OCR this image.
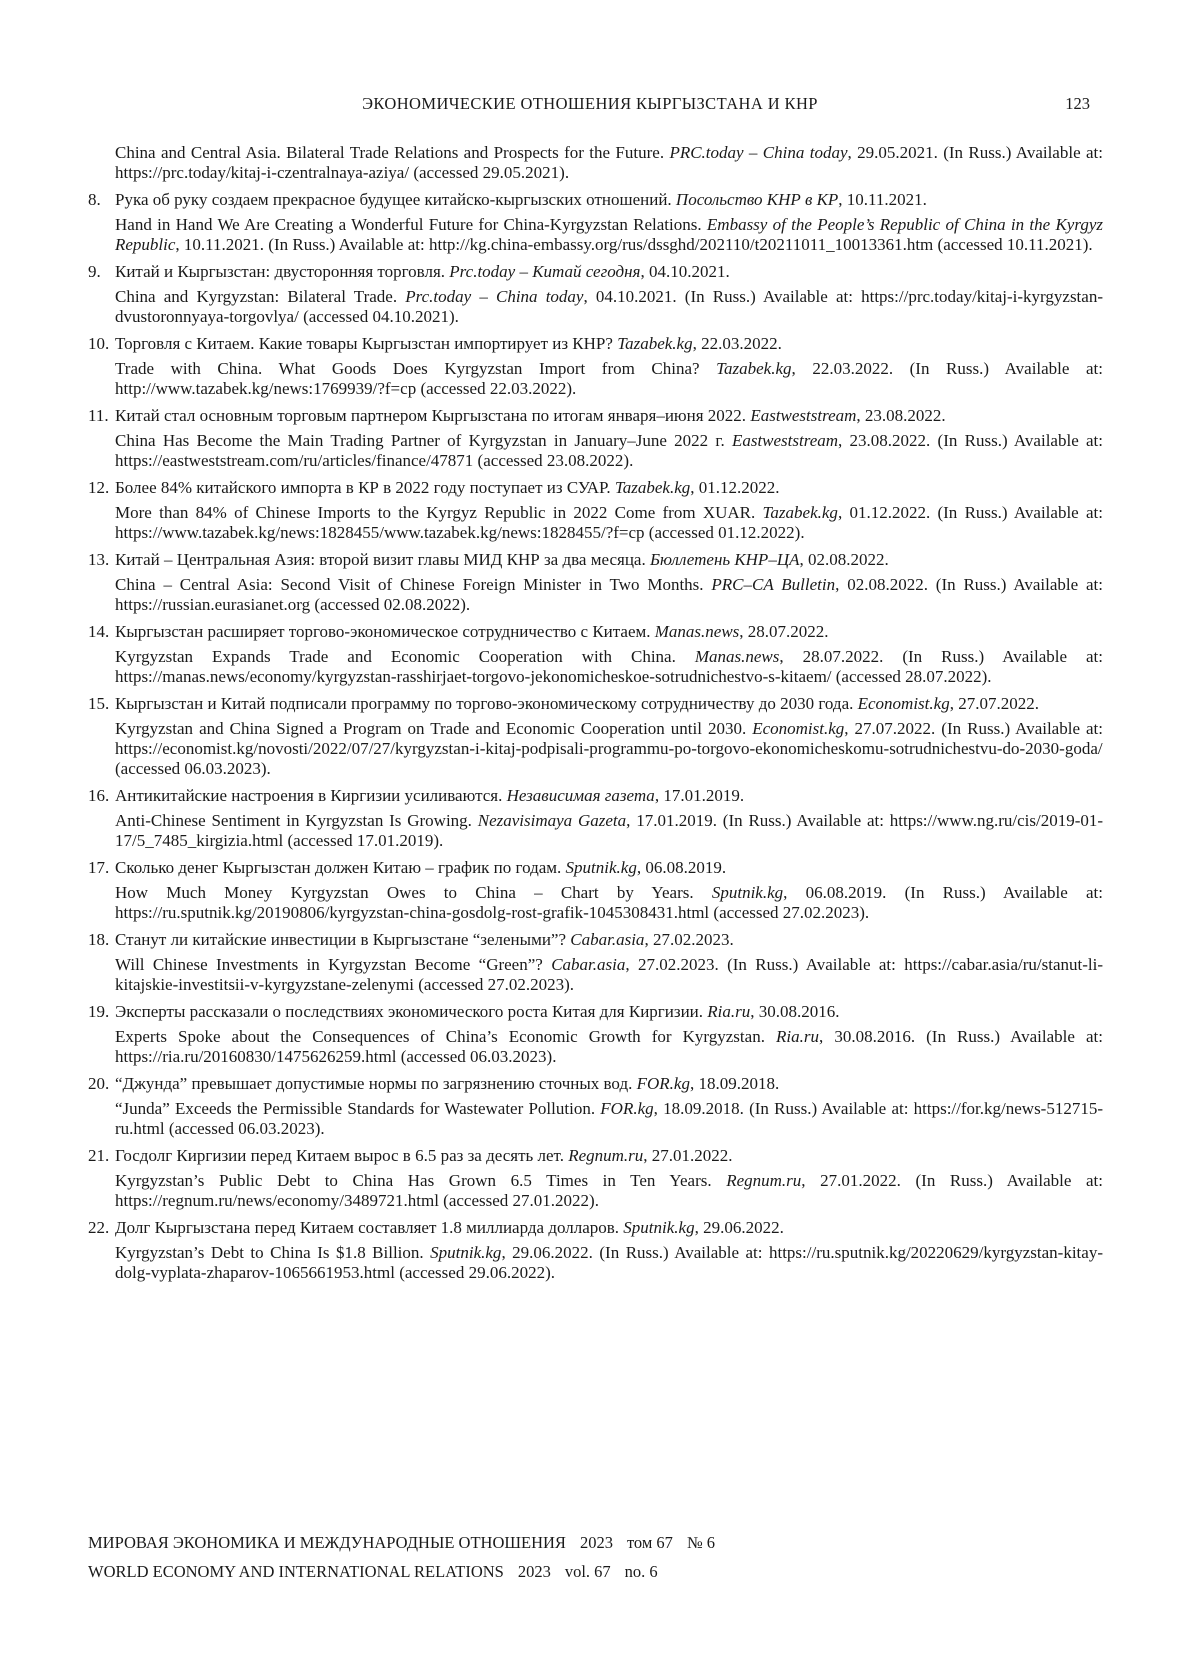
ЭКОНОМИЧЕСКИЕ ОТНОШЕНИЯ КЫРГЫЗСТАНА И КНР	123
China and Central Asia. Bilateral Trade Relations and Prospects for the Future. PRC.today – China today, 29.05.2021. (In Russ.) Available at: https://prc.today/kitaj-i-czentralnaya-aziya/ (accessed 29.05.2021).
8. Рука об руку создаем прекрасное будущее китайско-кыргызских отношений. Посольство КНР в КР, 10.11.2021.
Hand in Hand We Are Creating a Wonderful Future for China-Kyrgyzstan Relations. Embassy of the People’s Republic of China in the Kyrgyz Republic, 10.11.2021. (In Russ.) Available at: http://kg.china-embassy.org/rus/dssghd/202110/t20211011_10013361.htm (accessed 10.11.2021).
9. Китай и Кыргызстан: двусторонняя торговля. Prc.today – Китай сегодня, 04.10.2021.
China and Kyrgyzstan: Bilateral Trade. Prc.today – China today, 04.10.2021. (In Russ.) Available at: https://prc.today/kitaj-i-kyrgyzstan-dvustoronnyaya-torgovlya/ (accessed 04.10.2021).
10. Торговля с Китаем. Какие товары Кыргызстан импортирует из КНР? Tazabek.kg, 22.03.2022.
Trade with China. What Goods Does Kyrgyzstan Import from China? Tazabek.kg, 22.03.2022. (In Russ.) Available at: http://www.tazabek.kg/news:1769939/?f=cp (accessed 22.03.2022).
11. Китай стал основным торговым партнером Кыргызстана по итогам января–июня 2022. Eastweststream, 23.08.2022.
China Has Become the Main Trading Partner of Kyrgyzstan in January–June 2022 г. Eastweststream, 23.08.2022. (In Russ.) Available at: https://eastweststream.com/ru/articles/finance/47871 (accessed 23.08.2022).
12. Более 84% китайского импорта в КР в 2022 году поступает из СУАР. Tazabek.kg, 01.12.2022.
More than 84% of Chinese Imports to the Kyrgyz Republic in 2022 Come from XUAR. Tazabek.kg, 01.12.2022. (In Russ.) Available at: https://www.tazabek.kg/news:1828455/www.tazabek.kg/news:1828455/?f=cp (accessed 01.12.2022).
13. Китай – Центральная Азия: второй визит главы МИД КНР за два месяца. Бюллетень КНР–ЦА, 02.08.2022.
China – Central Asia: Second Visit of Chinese Foreign Minister in Two Months. PRC–CA Bulletin, 02.08.2022. (In Russ.) Available at: https://russian.eurasianet.org (accessed 02.08.2022).
14. Кыргызстан расширяет торгово-экономическое сотрудничество с Китаем. Manas.news, 28.07.2022.
Kyrgyzstan Expands Trade and Economic Cooperation with China. Manas.news, 28.07.2022. (In Russ.) Available at: https://manas.news/economy/kyrgyzstan-rasshirjaet-torgovo-jekonomicheskoe-sotrudnichestvo-s-kitaem/ (accessed 28.07.2022).
15. Кыргызстан и Китай подписали программу по торгово-экономическому сотрудничеству до 2030 года. Economist.kg, 27.07.2022.
Kyrgyzstan and China Signed a Program on Trade and Economic Cooperation until 2030. Economist.kg, 27.07.2022. (In Russ.) Available at: https://economist.kg/novosti/2022/07/27/kyrgyzstan-i-kitaj-podpisali-programmu-po-torgovo-ekonomicheskomu-sotrudnichestvu-do-2030-goda/ (accessed 06.03.2023).
16. Антикитайские настроения в Киргизии усиливаются. Независимая газета, 17.01.2019.
Anti-Chinese Sentiment in Kyrgyzstan Is Growing. Nezavisimaya Gazeta, 17.01.2019. (In Russ.) Available at: https://www.ng.ru/cis/2019-01-17/5_7485_kirgizia.html (accessed 17.01.2019).
17. Сколько денег Кыргызстан должен Китаю – график по годам. Sputnik.kg, 06.08.2019.
How Much Money Kyrgyzstan Owes to China – Chart by Years. Sputnik.kg, 06.08.2019. (In Russ.) Available at: https://ru.sputnik.kg/20190806/kyrgyzstan-china-gosdolg-rost-grafik-1045308431.html (accessed 27.02.2023).
18. Станут ли китайские инвестиции в Кыргызстане “зелеными”? Cabar.asia, 27.02.2023.
Will Chinese Investments in Kyrgyzstan Become “Green”? Cabar.asia, 27.02.2023. (In Russ.) Available at: https://cabar.asia/ru/stanut-li-kitajskie-investitsii-v-kyrgyzstane-zelenymi (accessed 27.02.2023).
19. Эксперты рассказали о последствиях экономического роста Китая для Киргизии. Ria.ru, 30.08.2016.
Experts Spoke about the Consequences of China’s Economic Growth for Kyrgyzstan. Ria.ru, 30.08.2016. (In Russ.) Available at: https://ria.ru/20160830/1475626259.html (accessed 06.03.2023).
20. “Джунда” превышает допустимые нормы по загрязнению сточных вод. FOR.kg, 18.09.2018.
“Junda” Exceeds the Permissible Standards for Wastewater Pollution. FOR.kg, 18.09.2018. (In Russ.) Available at: https://for.kg/news-512715-ru.html (accessed 06.03.2023).
21. Госдолг Киргизии перед Китаем вырос в 6.5 раз за десять лет. Regnum.ru, 27.01.2022.
Kyrgyzstan’s Public Debt to China Has Grown 6.5 Times in Ten Years. Regnum.ru, 27.01.2022. (In Russ.) Available at: https://regnum.ru/news/economy/3489721.html (accessed 27.01.2022).
22. Долг Кыргызстана перед Китаем составляет 1.8 миллиарда долларов. Sputnik.kg, 29.06.2022.
Kyrgyzstan’s Debt to China Is $1.8 Billion. Sputnik.kg, 29.06.2022. (In Russ.) Available at: https://ru.sputnik.kg/20220629/kyrgyzstan-kitay-dolg-vyplata-zhaparov-1065661953.html (accessed 29.06.2022).
МИРОВАЯ ЭКОНОМИКА И МЕЖДУНАРОДНЫЕ ОТНОШЕНИЯ 2023 том 67 № 6
WORLD ECONOMY AND INTERNATIONAL RELATIONS 2023 vol. 67 no. 6
